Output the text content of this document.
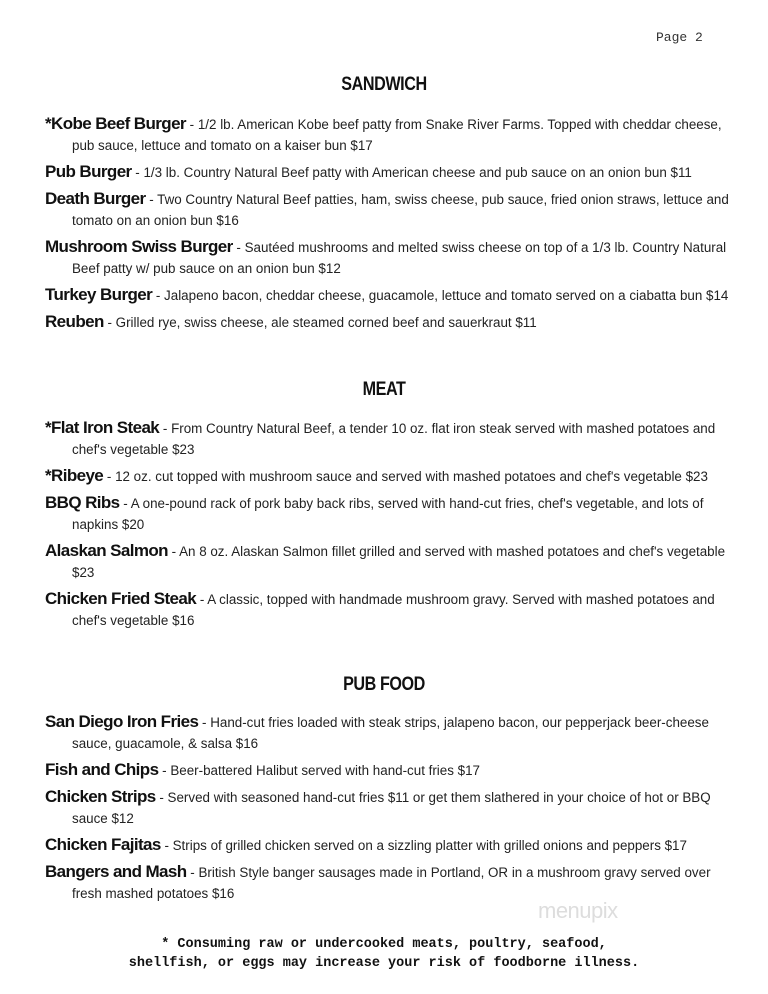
Page 2
SANDWICH
*Kobe Beef Burger - 1/2 lb. American Kobe beef patty from Snake River Farms. Topped with cheddar cheese, pub sauce, lettuce and tomato on a kaiser bun $17
Pub Burger - 1/3 lb. Country Natural Beef patty with American cheese and pub sauce on an onion bun $11
Death Burger - Two Country Natural Beef patties, ham, swiss cheese, pub sauce, fried onion straws, lettuce and tomato on an onion bun $16
Mushroom Swiss Burger - Sautéed mushrooms and melted swiss cheese on top of a 1/3 lb. Country Natural Beef patty w/ pub sauce on an onion bun $12
Turkey Burger - Jalapeno bacon, cheddar cheese, guacamole, lettuce and tomato served on a ciabatta bun $14
Reuben - Grilled rye, swiss cheese, ale steamed corned beef and sauerkraut $11
MEAT
*Flat Iron Steak - From Country Natural Beef, a tender 10 oz. flat iron steak served with mashed potatoes and chef's vegetable $23
*Ribeye - 12 oz. cut topped with mushroom sauce and served with mashed potatoes and chef's vegetable $23
BBQ Ribs - A one-pound rack of pork baby back ribs, served with hand-cut fries, chef's vegetable, and lots of napkins $20
Alaskan Salmon - An 8 oz. Alaskan Salmon fillet grilled and served with mashed potatoes and chef's vegetable $23
Chicken Fried Steak - A classic, topped with handmade mushroom gravy. Served with mashed potatoes and chef's vegetable $16
PUB FOOD
San Diego Iron Fries - Hand-cut fries loaded with steak strips, jalapeno bacon, our pepperjack beer-cheese sauce, guacamole, & salsa $16
Fish and Chips - Beer-battered Halibut served with hand-cut fries $17
Chicken Strips - Served with seasoned hand-cut fries $11 or get them slathered in your choice of hot or BBQ sauce $12
Chicken Fajitas - Strips of grilled chicken served on a sizzling platter with grilled onions and peppers $17
Bangers and Mash - British Style banger sausages made in Portland, OR in a mushroom gravy served over fresh mashed potatoes $16
menupix
* Consuming raw or undercooked meats, poultry, seafood,
shellfish, or eggs may increase your risk of foodborne illness.
